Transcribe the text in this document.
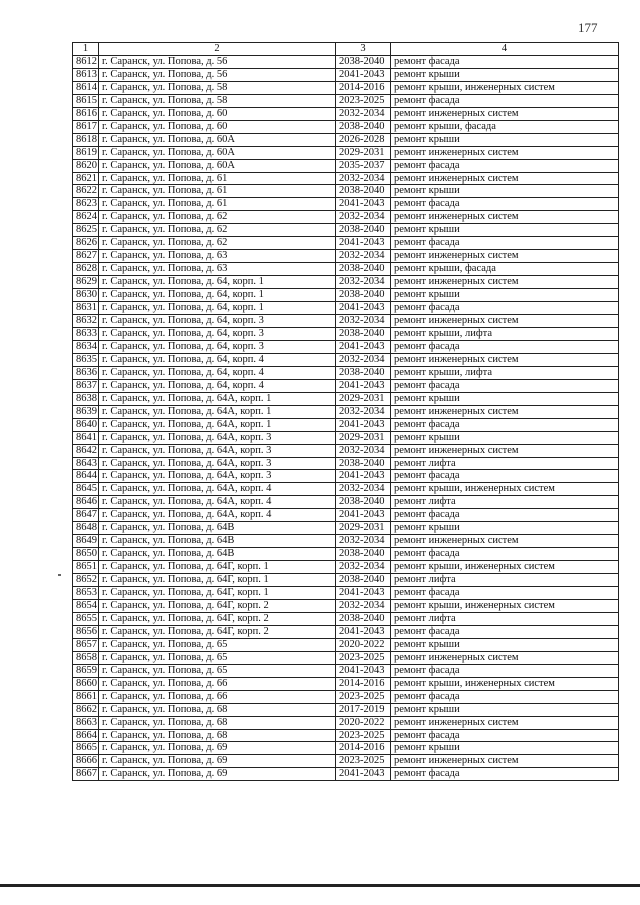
177
1	2	3	4
8612	г. Саранск, ул. Попова, д. 56	2038-2040	ремонт фасада
8613	г. Саранск, ул. Попова, д. 56	2041-2043	ремонт крыши
8614	г. Саранск, ул. Попова, д. 58	2014-2016	ремонт крыши, инженерных систем
8615	г. Саранск, ул. Попова, д. 58	2023-2025	ремонт фасада
8616	г. Саранск, ул. Попова, д. 60	2032-2034	ремонт инженерных систем
8617	г. Саранск, ул. Попова, д. 60	2038-2040	ремонт крыши, фасада
8618	г. Саранск, ул. Попова, д. 60А	2026-2028	ремонт крыши
8619	г. Саранск, ул. Попова, д. 60А	2029-2031	ремонт инженерных систем
8620	г. Саранск, ул. Попова, д. 60А	2035-2037	ремонт фасада
8621	г. Саранск, ул. Попова, д. 61	2032-2034	ремонт инженерных систем
8622	г. Саранск, ул. Попова, д. 61	2038-2040	ремонт крыши
8623	г. Саранск, ул. Попова, д. 61	2041-2043	ремонт фасада
8624	г. Саранск, ул. Попова, д. 62	2032-2034	ремонт инженерных систем
8625	г. Саранск, ул. Попова, д. 62	2038-2040	ремонт крыши
8626	г. Саранск, ул. Попова, д. 62	2041-2043	ремонт фасада
8627	г. Саранск, ул. Попова, д. 63	2032-2034	ремонт инженерных систем
8628	г. Саранск, ул. Попова, д. 63	2038-2040	ремонт крыши, фасада
8629	г. Саранск, ул. Попова, д. 64, корп. 1	2032-2034	ремонт инженерных систем
8630	г. Саранск, ул. Попова, д. 64, корп. 1	2038-2040	ремонт крыши
8631	г. Саранск, ул. Попова, д. 64, корп. 1	2041-2043	ремонт фасада
8632	г. Саранск, ул. Попова, д. 64, корп. 3	2032-2034	ремонт инженерных систем
8633	г. Саранск, ул. Попова, д. 64, корп. 3	2038-2040	ремонт крыши, лифта
8634	г. Саранск, ул. Попова, д. 64, корп. 3	2041-2043	ремонт фасада
8635	г. Саранск, ул. Попова, д. 64, корп. 4	2032-2034	ремонт инженерных систем
8636	г. Саранск, ул. Попова, д. 64, корп. 4	2038-2040	ремонт крыши, лифта
8637	г. Саранск, ул. Попова, д. 64, корп. 4	2041-2043	ремонт фасада
8638	г. Саранск, ул. Попова, д. 64А, корп. 1	2029-2031	ремонт крыши
8639	г. Саранск, ул. Попова, д. 64А, корп. 1	2032-2034	ремонт инженерных систем
8640	г. Саранск, ул. Попова, д. 64А, корп. 1	2041-2043	ремонт фасада
8641	г. Саранск, ул. Попова, д. 64А, корп. 3	2029-2031	ремонт крыши
8642	г. Саранск, ул. Попова, д. 64А, корп. 3	2032-2034	ремонт инженерных систем
8643	г. Саранск, ул. Попова, д. 64А, корп. 3	2038-2040	ремонт лифта
8644	г. Саранск, ул. Попова, д. 64А, корп. 3	2041-2043	ремонт фасада
8645	г. Саранск, ул. Попова, д. 64А, корп. 4	2032-2034	ремонт крыши, инженерных систем
8646	г. Саранск, ул. Попова, д. 64А, корп. 4	2038-2040	ремонт лифта
8647	г. Саранск, ул. Попова, д. 64А, корп. 4	2041-2043	ремонт фасада
8648	г. Саранск, ул. Попова, д. 64В	2029-2031	ремонт крыши
8649	г. Саранск, ул. Попова, д. 64В	2032-2034	ремонт инженерных систем
8650	г. Саранск, ул. Попова, д. 64В	2038-2040	ремонт фасада
8651	г. Саранск, ул. Попова, д. 64Г, корп. 1	2032-2034	ремонт крыши, инженерных систем
8652	г. Саранск, ул. Попова, д. 64Г, корп. 1	2038-2040	ремонт лифта
8653	г. Саранск, ул. Попова, д. 64Г, корп. 1	2041-2043	ремонт фасада
8654	г. Саранск, ул. Попова, д. 64Г, корп. 2	2032-2034	ремонт крыши, инженерных систем
8655	г. Саранск, ул. Попова, д. 64Г, корп. 2	2038-2040	ремонт лифта
8656	г. Саранск, ул. Попова, д. 64Г, корп. 2	2041-2043	ремонт фасада
8657	г. Саранск, ул. Попова, д. 65	2020-2022	ремонт крыши
8658	г. Саранск, ул. Попова, д. 65	2023-2025	ремонт инженерных систем
8659	г. Саранск, ул. Попова, д. 65	2041-2043	ремонт фасада
8660	г. Саранск, ул. Попова, д. 66	2014-2016	ремонт крыши, инженерных систем
8661	г. Саранск, ул. Попова, д. 66	2023-2025	ремонт фасада
8662	г. Саранск, ул. Попова, д. 68	2017-2019	ремонт крыши
8663	г. Саранск, ул. Попова, д. 68	2020-2022	ремонт инженерных систем
8664	г. Саранск, ул. Попова, д. 68	2023-2025	ремонт фасада
8665	г. Саранск, ул. Попова, д. 69	2014-2016	ремонт крыши
8666	г. Саранск, ул. Попова, д. 69	2023-2025	ремонт инженерных систем
8667	г. Саранск, ул. Попова, д. 69	2041-2043	ремонт фасада
